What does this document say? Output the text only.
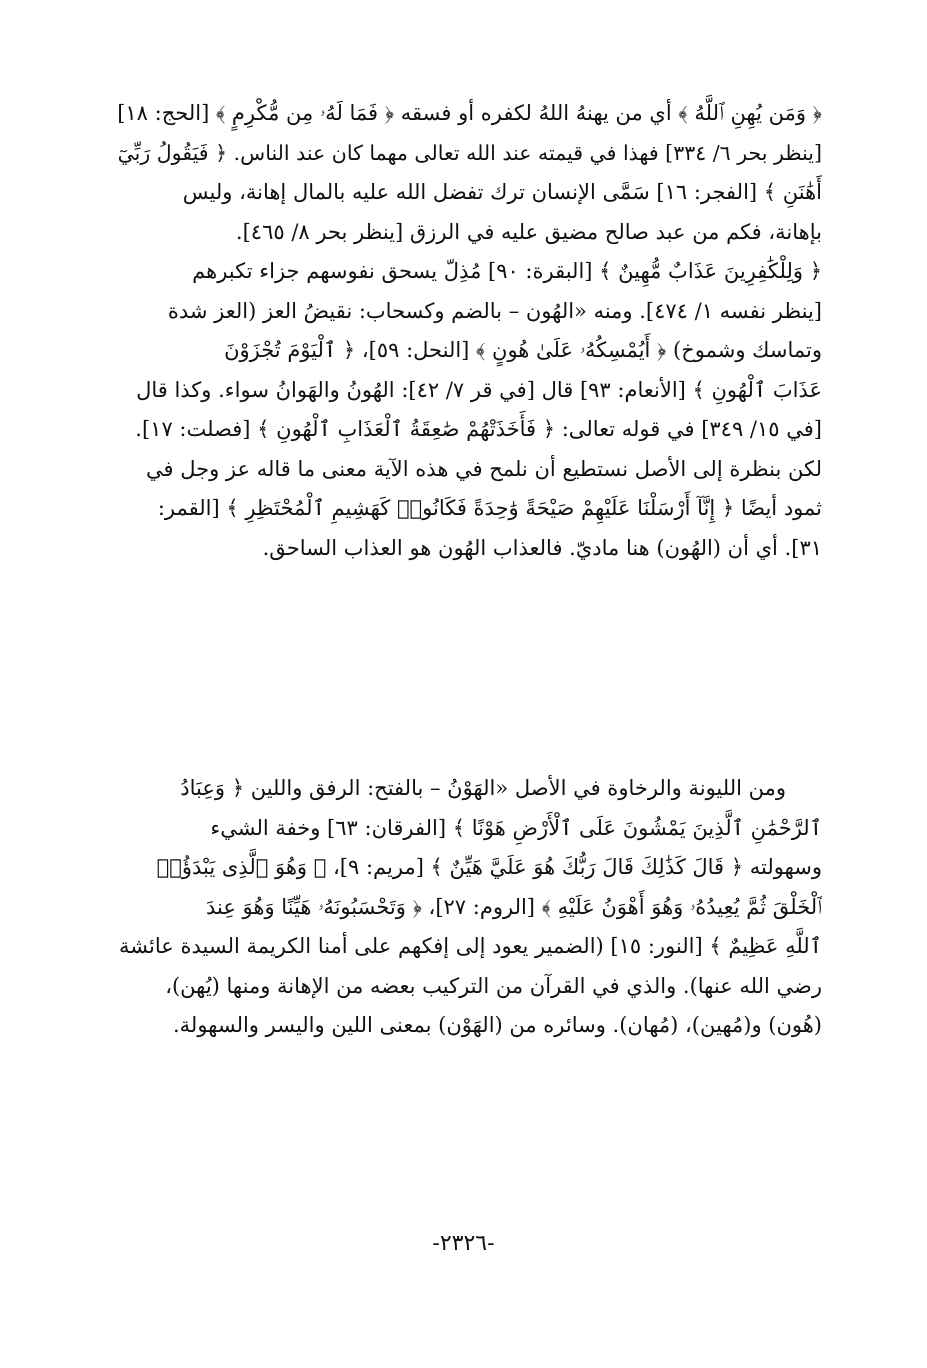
﴿ وَمَن يُهِنِ ٱللَّهُ ﴾ أي من يهنهُ اللهُ لكفره أو فسقه ﴿ فَمَا لَهُۥ مِن مُّكْرِمٍ ﴾ [الحج: ١٨]
[ينظر بحر ٦/ ٣٣٤] فهذا في قيمته عند الله تعالى مهما كان عند الناس. ﴿ فَيَقُولُ رَبِّيٓ
أَهَٰنَنِ ﴾ [الفجر: ١٦] سَمَّى الإنسان ترك تفضل الله عليه بالمال إهانة، وليس
بإهانة، فكم من عبد صالح مضيق عليه في الرزق [ينظر بحر ٨/ ٤٦٥].
﴿ وَلِلْكَٰفِرِينَ عَذَابٌ مُّهِينٌ ﴾ [البقرة: ٩٠] مُذِلّ يسحق نفوسهم جزاء تكبرهم
[ينظر نفسه ١/ ٤٧٤]. ومنه «الهُون – بالضم وكسحاب: نقيضُ العز (العز شدة
وتماسك وشموخ) ﴿ أَيُمْسِكُهُۥ عَلَىٰ هُونٍ ﴾ [النحل: ٥٩]، ﴿ ٱلْيَوْمَ تُجْزَوْنَ
عَذَابَ ٱلْهُونِ ﴾ [الأنعام: ٩٣] قال [في قر ٧/ ٤٢]: الهُونُ والهَوانُ سواء. وكذا قال
[في ١٥/ ٣٤٩] في قوله تعالى: ﴿ فَأَخَذَتْهُمْ صَٰعِقَةُ ٱلْعَذَابِ ٱلْهُونِ ﴾ [فصلت: ١٧].
لكن بنظرة إلى الأصل نستطيع أن نلمح في هذه الآية معنى ما قاله عز وجل في
ثمود أيضًا ﴿ إِنَّآ أَرْسَلْنَا عَلَيْهِمْ صَيْحَةً وَٰحِدَةً فَكَانُوا۟ كَهَشِيمِ ٱلْمُحْتَظِرِ ﴾ [القمر:
٣١]. أي أن (الهُون) هنا ماديّ. فالعذاب الهُون هو العذاب الساحق.
ومن الليونة والرخاوة في الأصل «الهَوْنُ – بالفتح: الرفق واللين ﴿ وَعِبَادُ
ٱلرَّحْمَٰنِ ٱلَّذِينَ يَمْشُونَ عَلَى ٱلْأَرْضِ هَوْنًا ﴾ [الفرقان: ٦٣] وخفة الشيء
وسهولته ﴿ قَالَ كَذَٰلِكَ قَالَ رَبُّكَ هُوَ عَلَيَّ هَيِّنٌ ﴾ [مريم: ٩]، ﴿ وَهُوَ ٱلَّذِى يَبْدَؤُا۟
ٱلْخَلْقَ ثُمَّ يُعِيدُهُۥ وَهُوَ أَهْوَنُ عَلَيْهِ ﴾ [الروم: ٢٧]، ﴿ وَتَحْسَبُونَهُۥ هَيِّنًا وَهُوَ عِندَ
ٱللَّهِ عَظِيمٌ ﴾ [النور: ١٥] (الضمير يعود إلى إفكهم على أمنا الكريمة السيدة عائشة
رضي الله عنها). والذي في القرآن من التركيب بعضه من الإهانة ومنها (يُهن)،
(هُون) و(مُهين)، (مُهان). وسائره من (الهَوْن) بمعنى اللين واليسر والسهولة.
-٢٣٢٦-
